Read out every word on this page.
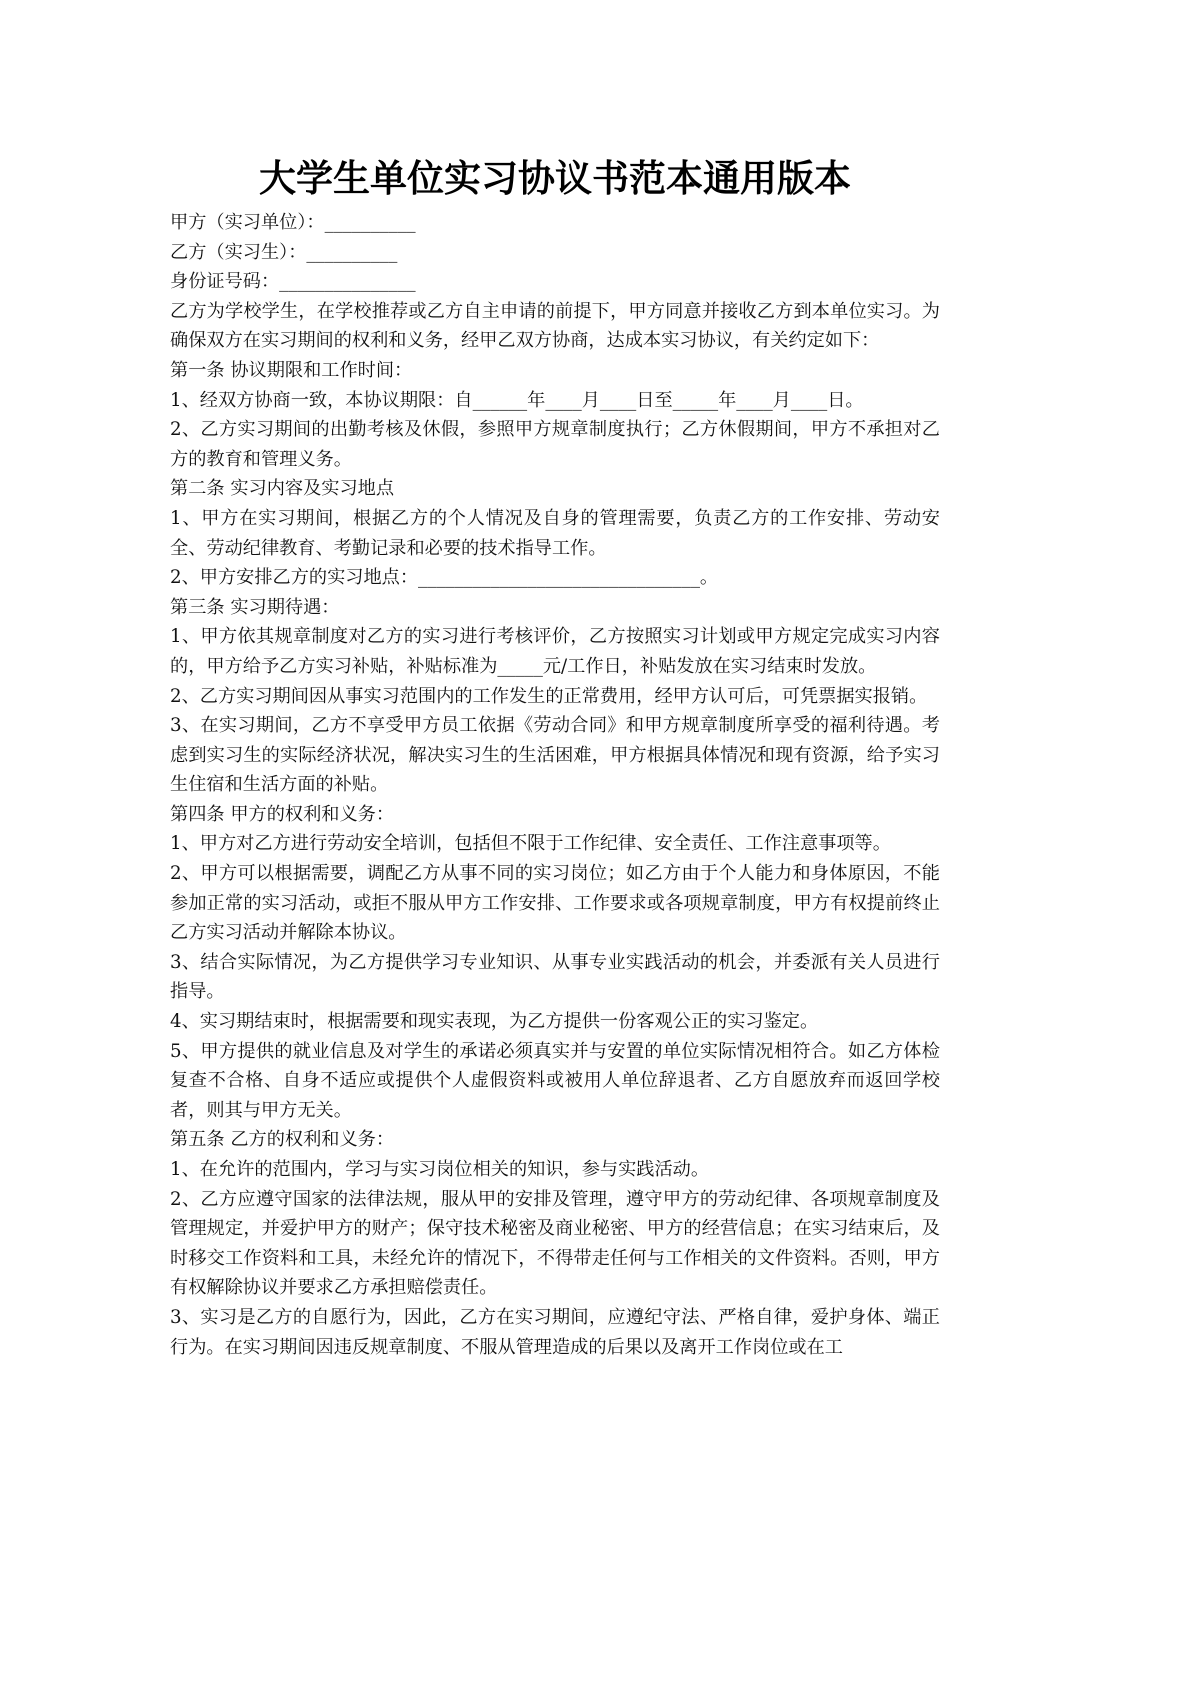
大学生单位实习协议书范本通用版本

甲方（实习单位）：__________

乙方（实习生）：__________

身份证号码：_______________

乙方为学校学生，在学校推荐或乙方自主申请的前提下，甲方同意并接收乙方到本单位实习。为确保双方在实习期间的权利和义务，经甲乙双方协商，达成本实习协议，有关约定如下：

第一条 协议期限和工作时间：

1、经双方协商一致，本协议期限：自______年____月____日至_____年____月____日。

2、乙方实习期间的出勤考核及休假，参照甲方规章制度执行；乙方休假期间，甲方不承担对乙方的教育和管理义务。

第二条 实习内容及实习地点

1、甲方在实习期间，根据乙方的个人情况及自身的管理需要，负责乙方的工作安排、劳动安全、劳动纪律教育、考勤记录和必要的技术指导工作。

2、甲方安排乙方的实习地点：_______________________________。

第三条 实习期待遇：

1、甲方依其规章制度对乙方的实习进行考核评价，乙方按照实习计划或甲方规定完成实习内容的，甲方给予乙方实习补贴，补贴标准为_____元/工作日，补贴发放在实习结束时发放。

2、乙方实习期间因从事实习范围内的工作发生的正常费用，经甲方认可后，可凭票据实报销。

3、在实习期间，乙方不享受甲方员工依据《劳动合同》和甲方规章制度所享受的福利待遇。考虑到实习生的实际经济状况，解决实习生的生活困难，甲方根据具体情况和现有资源，给予实习生住宿和生活方面的补贴。

第四条 甲方的权利和义务：

1、甲方对乙方进行劳动安全培训，包括但不限于工作纪律、安全责任、工作注意事项等。

2、甲方可以根据需要，调配乙方从事不同的实习岗位；如乙方由于个人能力和身体原因，不能参加正常的实习活动，或拒不服从甲方工作安排、工作要求或各项规章制度，甲方有权提前终止乙方实习活动并解除本协议。

3、结合实际情况，为乙方提供学习专业知识、从事专业实践活动的机会，并委派有关人员进行指导。

4、实习期结束时，根据需要和现实表现，为乙方提供一份客观公正的实习鉴定。

5、甲方提供的就业信息及对学生的承诺必须真实并与安置的单位实际情况相符合。如乙方体检复查不合格、自身不适应或提供个人虚假资料或被用人单位辞退者、乙方自愿放弃而返回学校者，则其与甲方无关。

第五条 乙方的权利和义务：

1、在允许的范围内，学习与实习岗位相关的知识，参与实践活动。

2、乙方应遵守国家的法律法规，服从甲的安排及管理，遵守甲方的劳动纪律、各项规章制度及管理规定，并爱护甲方的财产；保守技术秘密及商业秘密、甲方的经营信息；在实习结束后，及时移交工作资料和工具，未经允许的情况下，不得带走任何与工作相关的文件资料。否则，甲方有权解除协议并要求乙方承担赔偿责任。

3、实习是乙方的自愿行为，因此，乙方在实习期间，应遵纪守法、严格自律，爱护身体、端正行为。在实习期间因违反规章制度、不服从管理造成的后果以及离开工作岗位或在工
